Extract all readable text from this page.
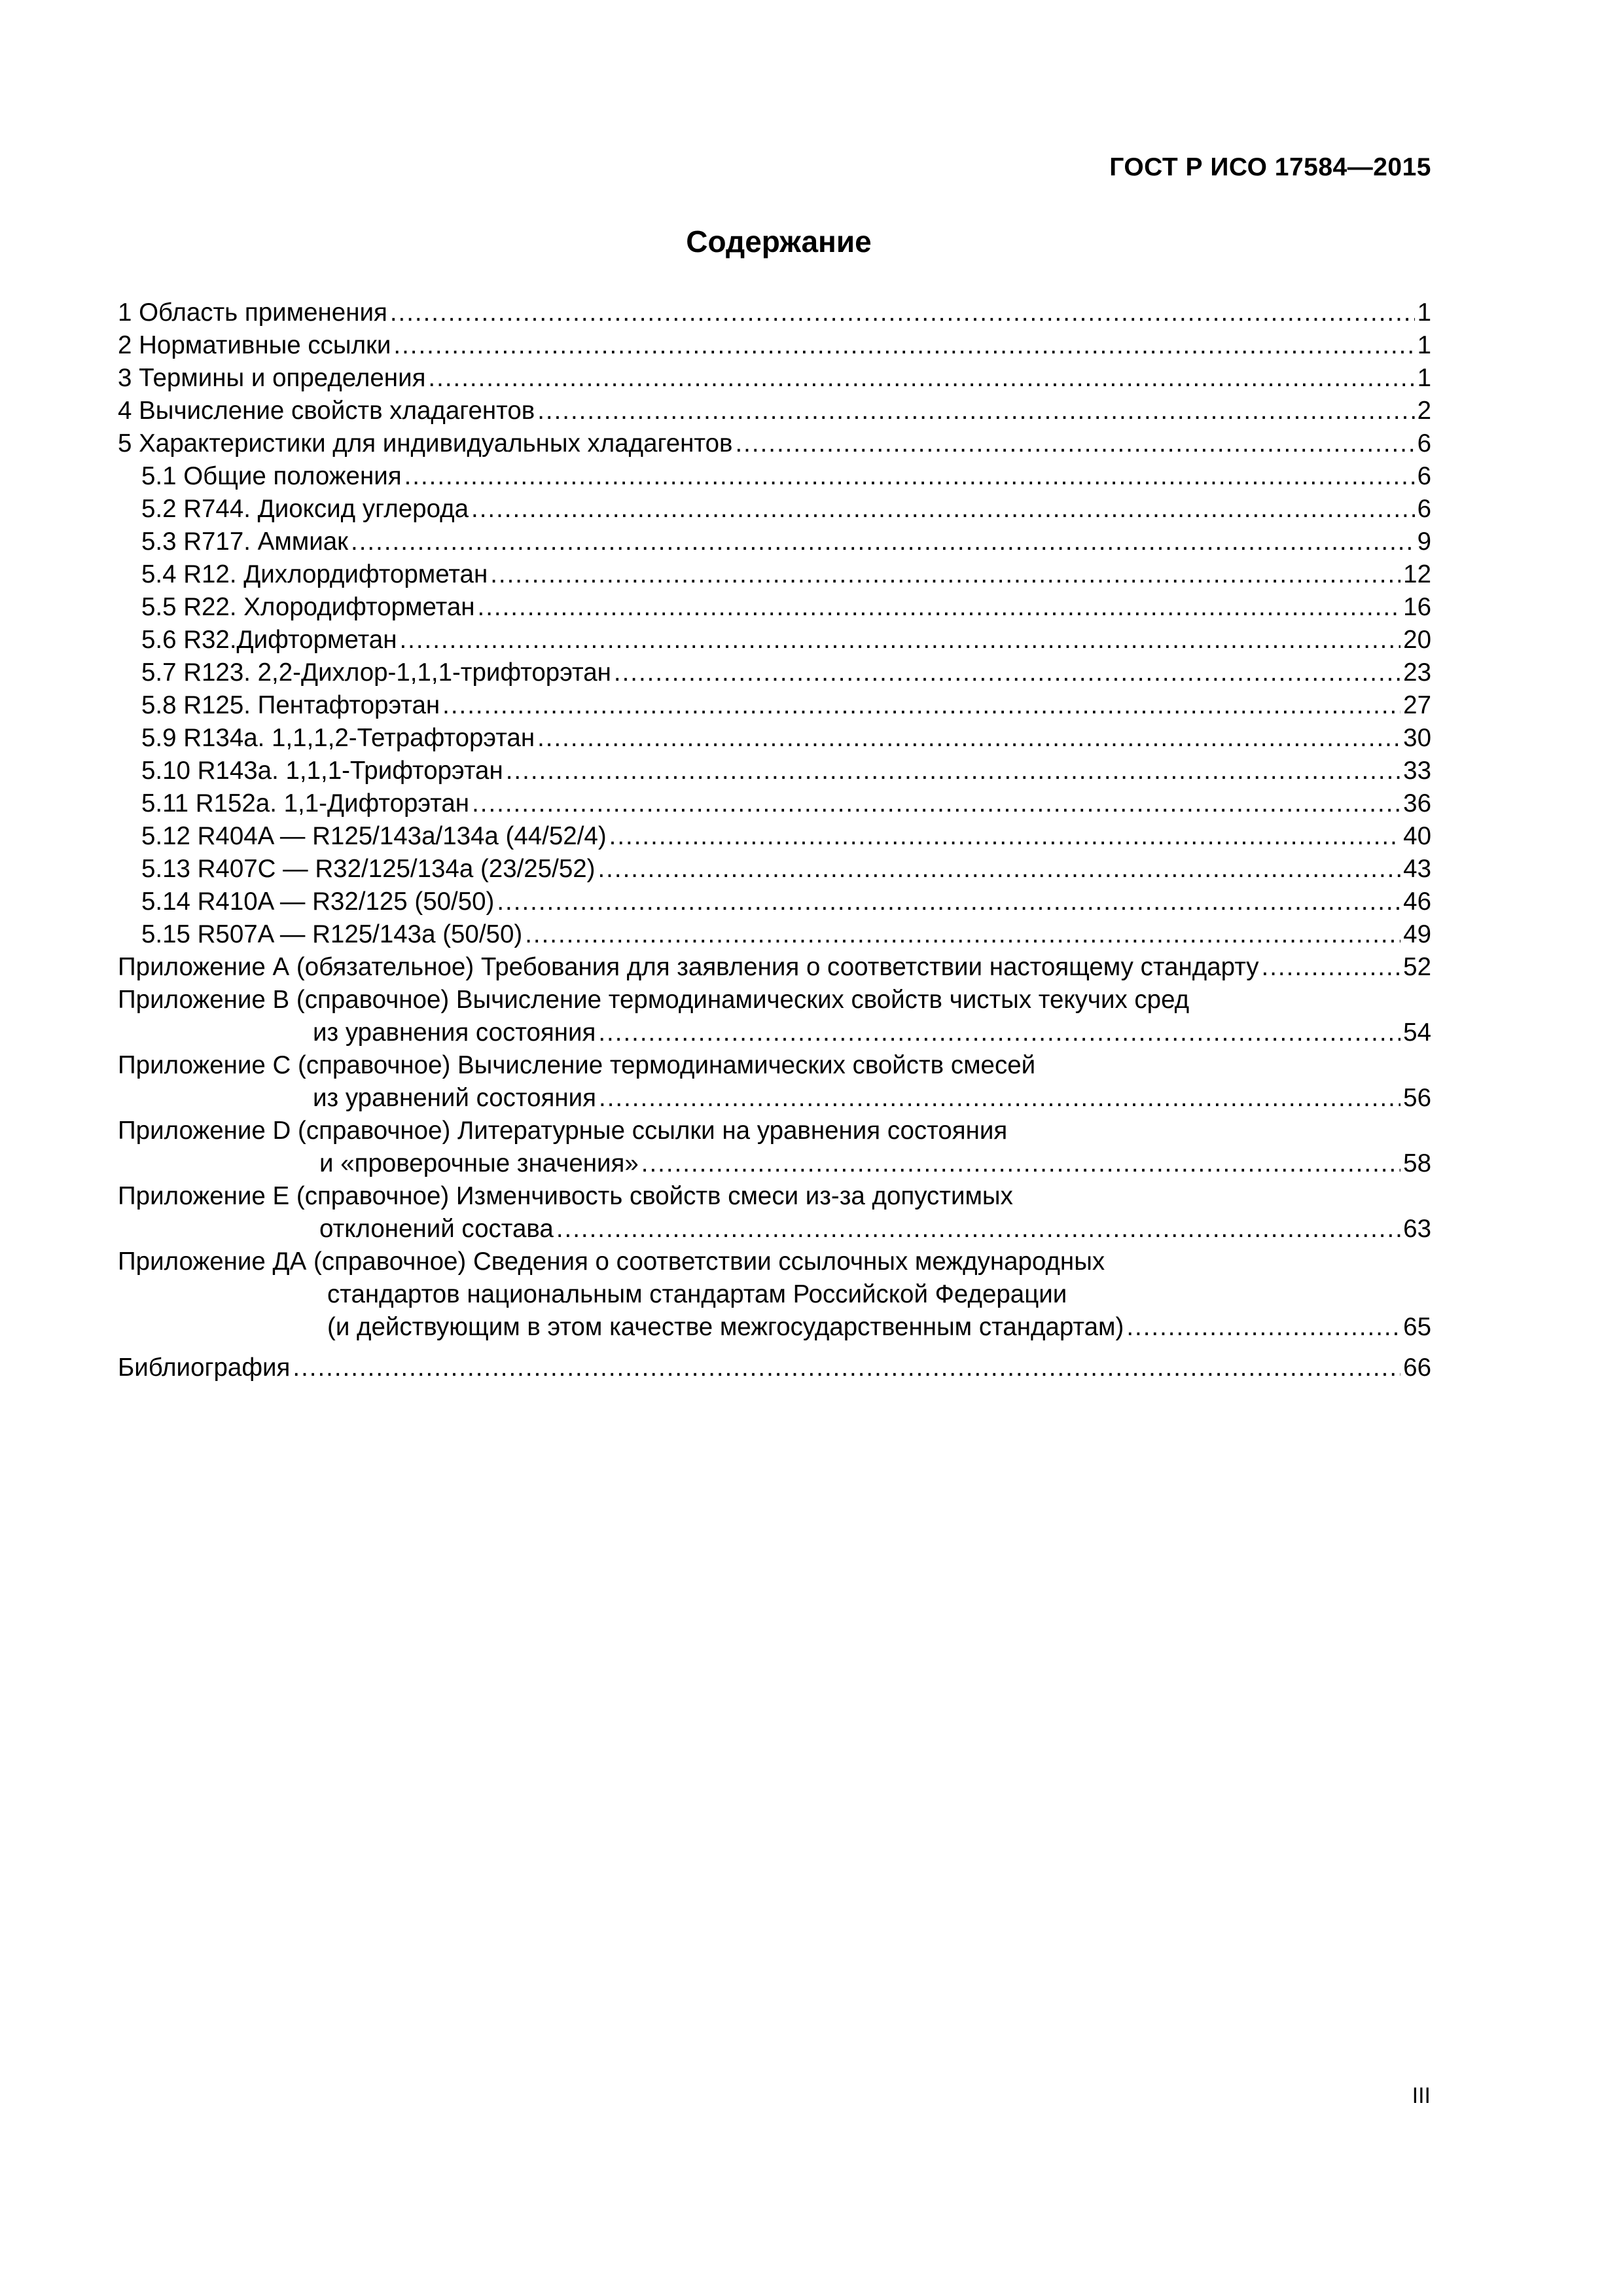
ГОСТ Р ИСО 17584—2015
Содержание
1 Область применения .....	1
2 Нормативные ссылки .....	1
3 Термины и определения .....	1
4 Вычисление свойств хладагентов .....	2
5 Характеристики для индивидуальных хладагентов .....	6
5.1 Общие положения .....	6
5.2 R744. Диоксид углерода .....	6
5.3 R717. Аммиак .....	9
5.4 R12. Дихлордифторметан .....	12
5.5 R22. Хлородифторметан .....	16
5.6 R32.Дифторметан .....	20
5.7 R123. 2,2-Дихлор-1,1,1-трифторэтан .....	23
5.8 R125. Пентафторэтан .....	27
5.9 R134a. 1,1,1,2-Тетрафторэтан .....	30
5.10 R143a. 1,1,1-Трифторэтан .....	33
5.11 R152a. 1,1-Дифторэтан .....	36
5.12 R404A — R125/143a/134a (44/52/4) .....	40
5.13 R407C — R32/125/134a (23/25/52) .....	43
5.14 R410A — R32/125 (50/50) .....	46
5.15 R507A — R125/143a (50/50) .....	49
Приложение А (обязательное) Требования для заявления о соответствии настоящему стандарту .....	52
Приложение В (справочное) Вычисление термодинамических свойств чистых текучих сред
из уравнения состояния .....	54
Приложение С (справочное) Вычисление термодинамических свойств смесей
из уравнений состояния .....	56
Приложение D (справочное) Литературные ссылки на уравнения состояния
и «проверочные значения» .....	58
Приложение E (справочное) Изменчивость свойств смеси из-за допустимых
отклонений состава .....	63
Приложение ДА (справочное) Сведения о соответствии ссылочных международных
стандартов национальным стандартам Российской Федерации
(и действующим в этом качестве межгосударственным стандартам) .....	65
Библиография .....	66
III
